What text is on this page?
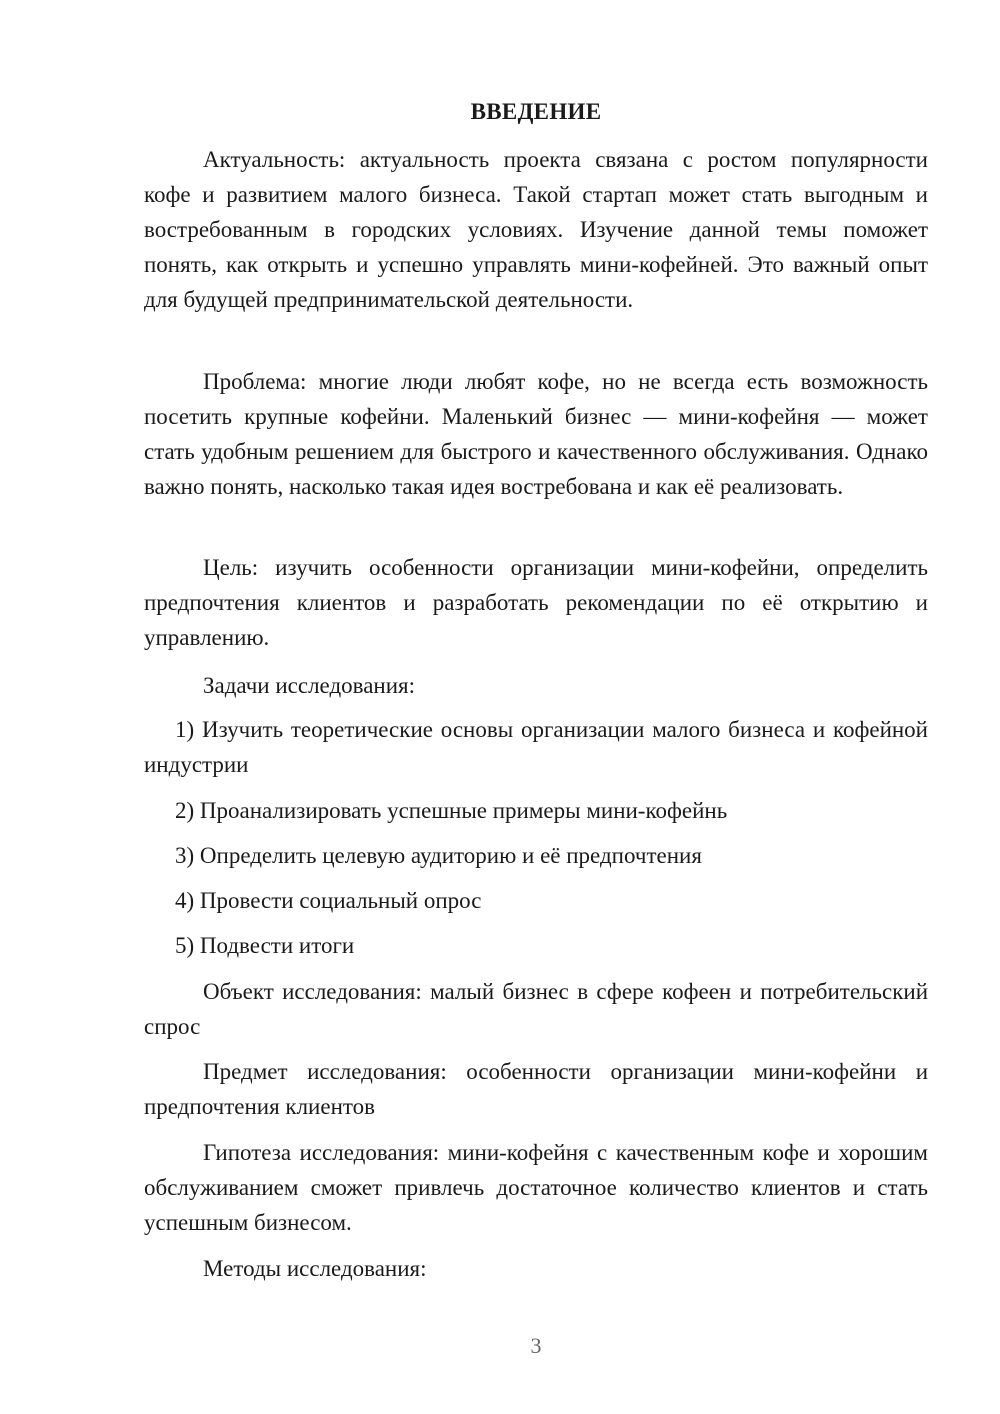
ВВЕДЕНИЕ

Актуальность: актуальность проекта связана с ростом популярности кофе и развитием малого бизнеса. Такой стартап может стать выгодным и востребованным в городских условиях. Изучение данной темы поможет понять, как открыть и успешно управлять мини-кофейней. Это важный опыт для будущей предпринимательской деятельности.

Проблема: многие люди любят кофе, но не всегда есть возможность посетить крупные кофейни. Маленький бизнес — мини-кофейня — может стать удобным решением для быстрого и качественного обслуживания. Однако важно понять, насколько такая идея востребована и как её реализовать.

Цель: изучить особенности организации мини-кофейни, определить предпочтения клиентов и разработать рекомендации по её открытию и управлению.

Задачи исследования:

1) Изучить теоретические основы организации малого бизнеса и кофейной индустрии

2) Проанализировать успешные примеры мини-кофейнь

3) Определить целевую аудиторию и её предпочтения

4) Провести социальный опрос

5) Подвести итоги

Объект исследования: малый бизнес в сфере кофеен и потребительский спрос

Предмет исследования: особенности организации мини-кофейни и предпочтения клиентов

Гипотеза исследования: мини-кофейня с качественным кофе и хорошим обслуживанием сможет привлечь достаточное количество клиентов и стать успешным бизнесом.

Методы исследования:

3
